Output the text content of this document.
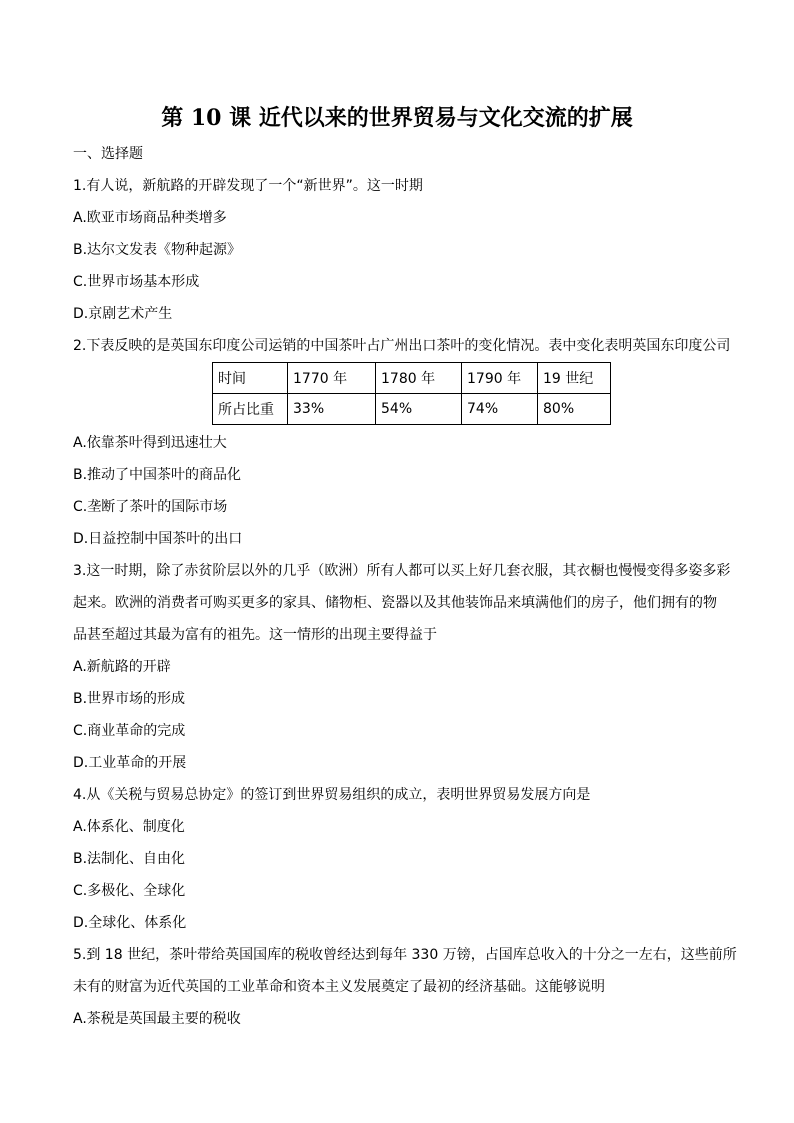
第 10 课 近代以来的世界贸易与文化交流的扩展
一、选择题
1.有人说，新航路的开辟发现了一个“新世界”。这一时期
A.欧亚市场商品种类增多
B.达尔文发表《物种起源》
C.世界市场基本形成
D.京剧艺术产生
2.下表反映的是英国东印度公司运销的中国茶叶占广州出口茶叶的变化情况。表中变化表明英国东印度公司
时间	1770 年	1780 年	1790 年	19 世纪
所占比重	33%	54%	74%	80%
A.依靠茶叶得到迅速壮大
B.推动了中国茶叶的商品化
C.垄断了茶叶的国际市场
D.日益控制中国茶叶的出口
3.这一时期，除了赤贫阶层以外的几乎（欧洲）所有人都可以买上好几套衣服，其衣橱也慢慢变得多姿多彩
起来。欧洲的消费者可购买更多的家具、储物柜、瓷器以及其他装饰品来填满他们的房子，他们拥有的物
品甚至超过其最为富有的祖先。这一情形的出现主要得益于
A.新航路的开辟
B.世界市场的形成
C.商业革命的完成
D.工业革命的开展
4.从《关税与贸易总协定》的签订到世界贸易组织的成立，表明世界贸易发展方向是
A.体系化、制度化
B.法制化、自由化
C.多极化、全球化
D.全球化、体系化
5.到 18 世纪，茶叶带给英国国库的税收曾经达到每年 330 万镑，占国库总收入的十分之一左右，这些前所
未有的财富为近代英国的工业革命和资本主义发展奠定了最初的经济基础。这能够说明
A.茶税是英国最主要的税收
